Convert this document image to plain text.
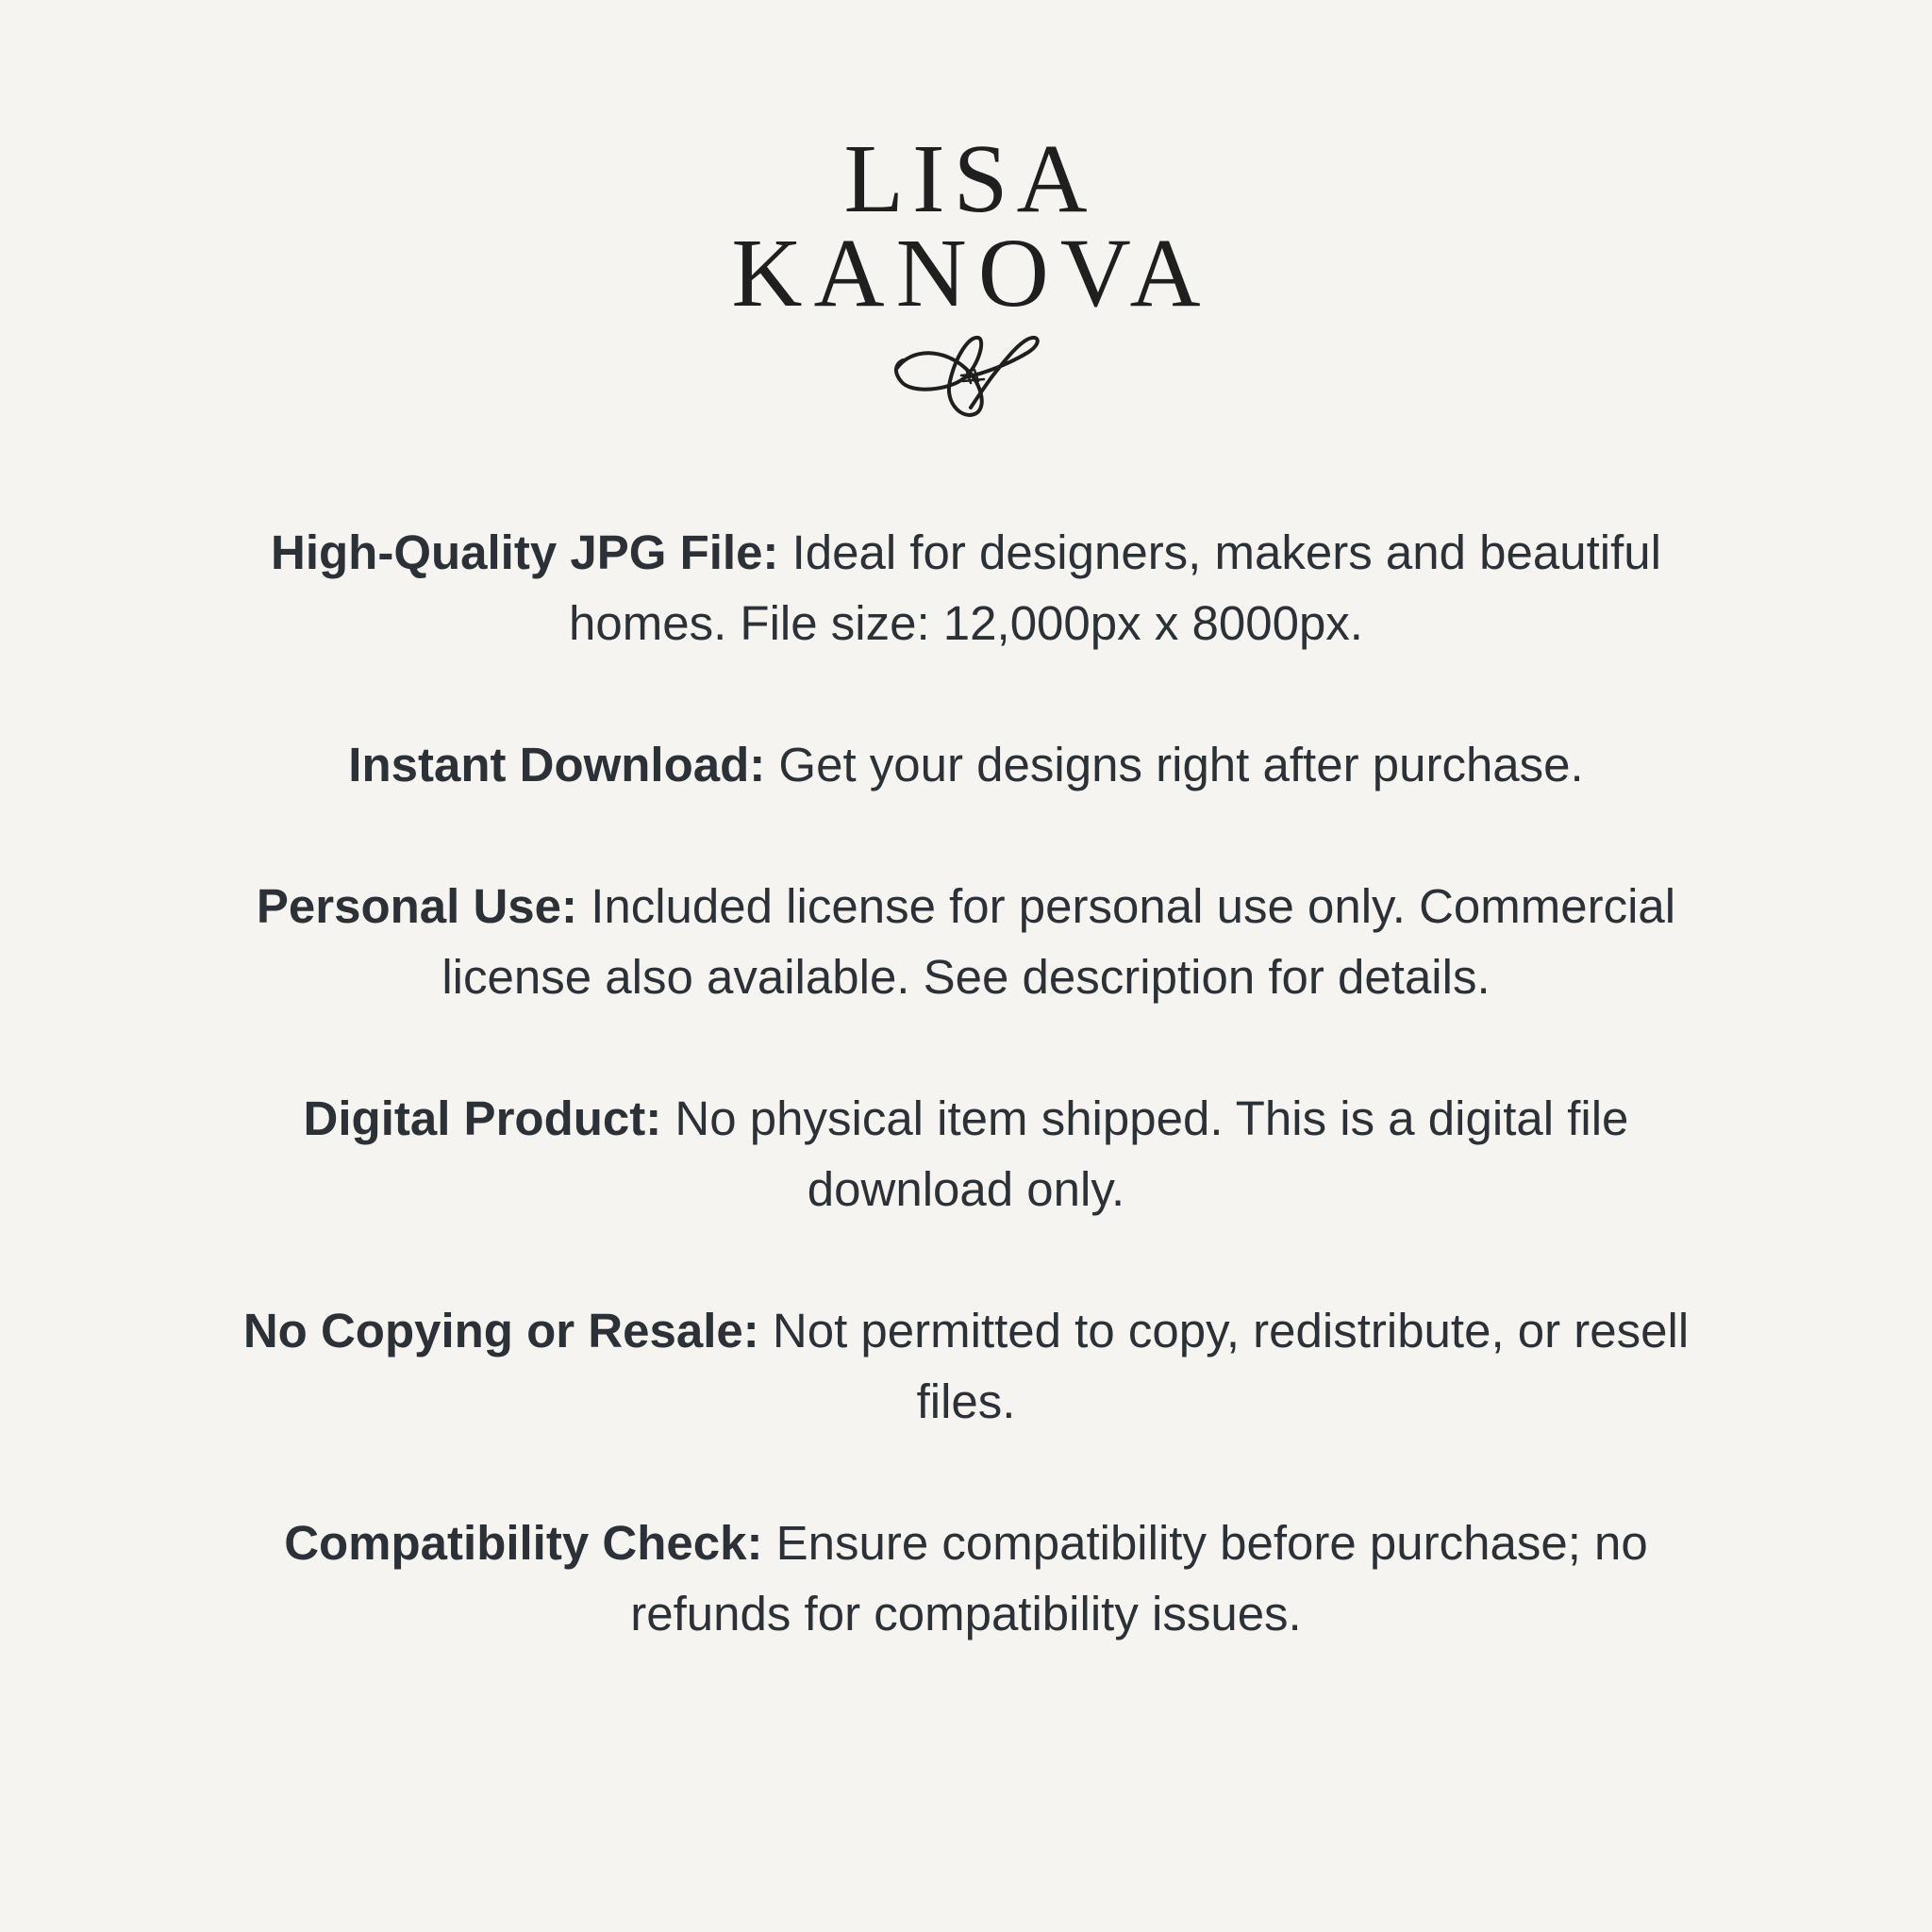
LISA
KANOVA

High-Quality JPG File: Ideal for designers, makers and beautiful homes. File size: 12,000px x 8000px.

Instant Download: Get your designs right after purchase.

Personal Use: Included license for personal use only. Commercial license also available. See description for details.

Digital Product: No physical item shipped. This is a digital file download only.

No Copying or Resale: Not permitted to copy, redistribute, or resell files.

Compatibility Check: Ensure compatibility before purchase; no refunds for compatibility issues.
